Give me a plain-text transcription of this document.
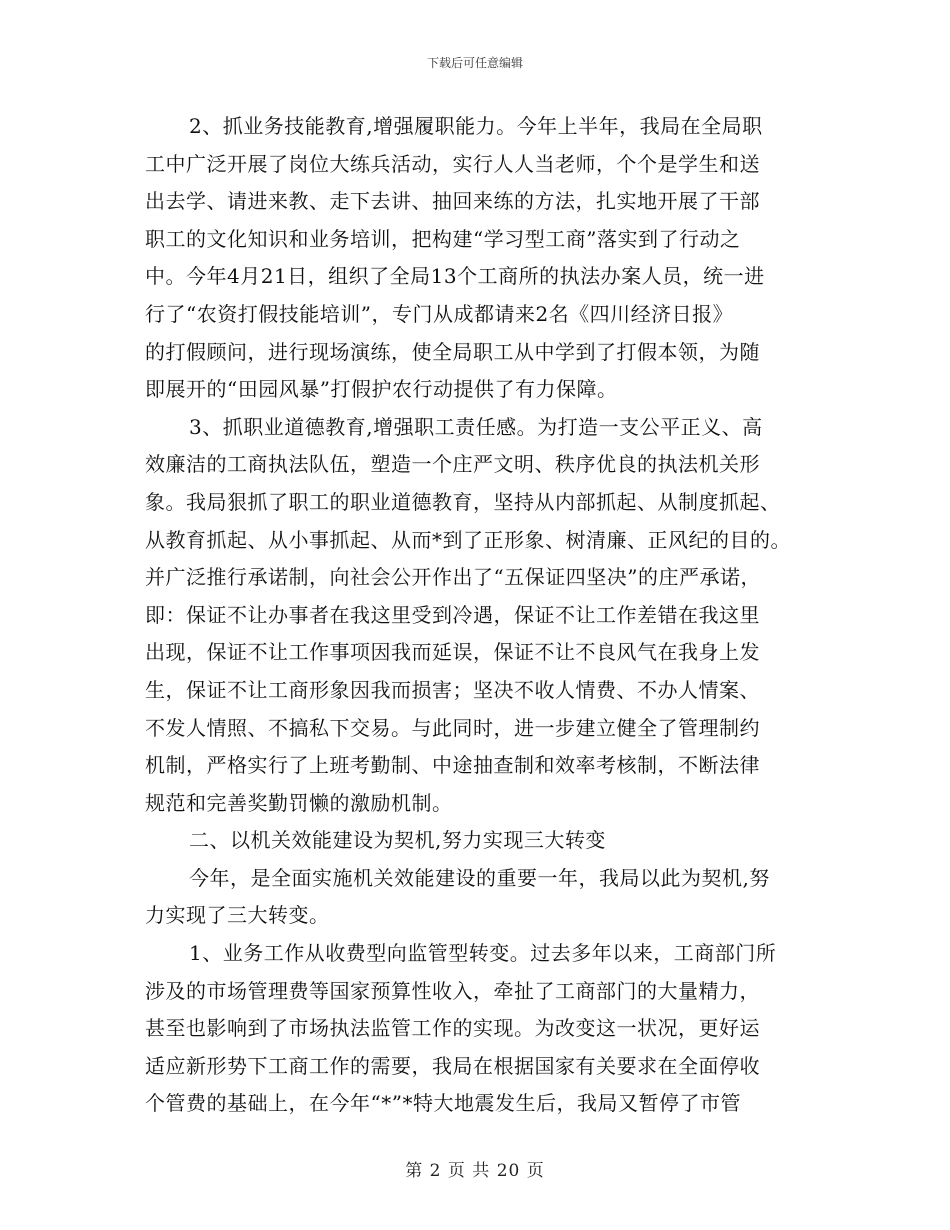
下载后可任意编辑
2、抓业务技能教育,增强履职能力。今年上半年，我局在全局职
工中广泛开展了岗位大练兵活动，实行人人当老师，个个是学生和送
出去学、请进来教、走下去讲、抽回来练的方法，扎实地开展了干部
职工的文化知识和业务培训，把构建“学习型工商”落实到了行动之
中。今年4月21日，组织了全局13个工商所的执法办案人员，统一进
行了“农资打假技能培训”，专门从成都请来2名《四川经济日报》
的打假顾问，进行现场演练，使全局职工从中学到了打假本领，为随
即展开的“田园风暴”打假护农行动提供了有力保障。
3、抓职业道德教育,增强职工责任感。为打造一支公平正义、高
效廉洁的工商执法队伍，塑造一个庄严文明、秩序优良的执法机关形
象。我局狠抓了职工的职业道德教育，坚持从内部抓起、从制度抓起、
从教育抓起、从小事抓起、从而*到了正形象、树清廉、正风纪的目的。
并广泛推行承诺制，向社会公开作出了“五保证四坚决”的庄严承诺，
即：保证不让办事者在我这里受到冷遇，保证不让工作差错在我这里
出现，保证不让工作事项因我而延误，保证不让不良风气在我身上发
生，保证不让工商形象因我而损害；坚决不收人情费、不办人情案、
不发人情照、不搞私下交易。与此同时，进一步建立健全了管理制约
机制，严格实行了上班考勤制、中途抽查制和效率考核制，不断法律
规范和完善奖勤罚懒的激励机制。
二、以机关效能建设为契机,努力实现三大转变
今年，是全面实施机关效能建设的重要一年，我局以此为契机,努
力实现了三大转变。
1、业务工作从收费型向监管型转变。过去多年以来，工商部门所
涉及的市场管理费等国家预算性收入，牵扯了工商部门的大量精力，
甚至也影响到了市场执法监管工作的实现。为改变这一状况，更好运
适应新形势下工商工作的需要，我局在根据国家有关要求在全面停收
个管费的基础上，在今年“*”*特大地震发生后，我局又暂停了市管
第 2 页 共 20 页
